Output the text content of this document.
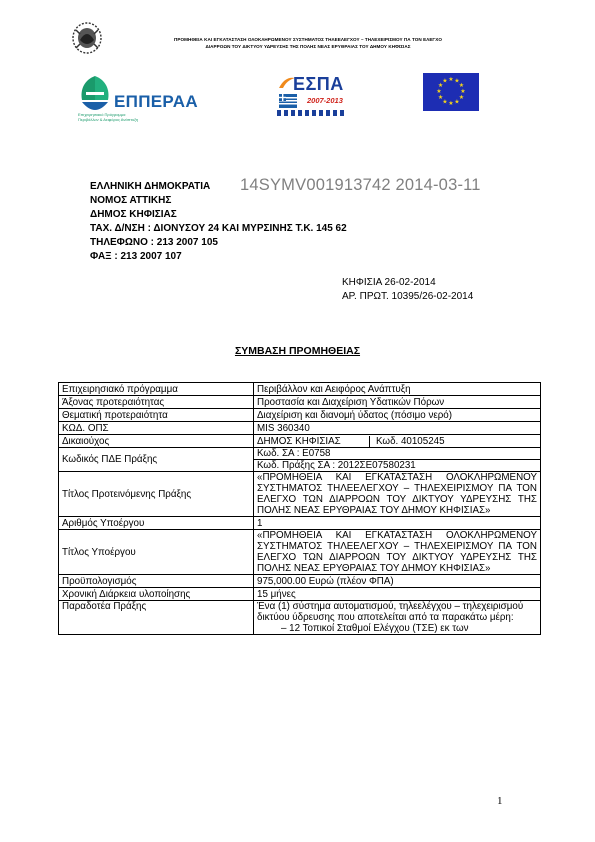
ΠΡΟΜΗΘΕΙΑ ΚΑΙ ΕΓΚΑΤΑΣΤΑΣΗ ΟΛΟΚΛΗΡΩΜΕΝΟΥ ΣΥΣΤΗΜΑΤΟΣ ΤΗΛΕΕΛΕΓΧΟΥ – ΤΗΛΕΧΕΙΡΙΣΜΟΥ ΠΑ ΤΟΝ ΕΛΕΓΧΟ
ΔΙΑΡΡΟΩΝ ΤΟΥ ΔΙΚΤΥΟΥ ΥΔΡΕΥΣΗΣ ΤΗΣ ΠΟΛΗΣ ΝΕΑΣ ΕΡΥΘΡΑΙΑΣ ΤΟΥ ΔΗΜΟΥ ΚΗΦΙΣΙΑΣ
ΕΠΠΕΡΑΑ
Επιχειρησιακό Πρόγραμμα
Περιβάλλον & Αειφόρος Ανάπτυξη
ΕΣΠΑ
2007-2013
★ ★
★
★
★
★
★
★
★
★
★
★
ΕΛΛΗΝΙΚΗ ΔΗΜΟΚΡΑΤΙΑ
ΝΟΜΟΣ ΑΤΤΙΚΗΣ
ΔΗΜΟΣ ΚΗΦΙΣΙΑΣ
ΤΑΧ. Δ/ΝΣΗ : ΔΙΟΝΥΣΟΥ 24 ΚΑΙ ΜΥΡΣΙΝΗΣ Τ.Κ. 145 62
ΤΗΛΕΦΩΝΟ : 213 2007 105
ΦΑΞ : 213 2007 107
14SYMV001913742 2014-03-11
ΚΗΦΙΣΙΑ 26-02-2014
ΑΡ. ΠΡΩΤ. 10395/26-02-2014
ΣΥΜΒΑΣΗ ΠΡΟΜΗΘΕΙΑΣ
Επιχειρησιακό πρόγραμμα	Περιβάλλον και Αειφόρος Ανάπτυξη
Άξονας προτεραιότητας	Προστασία και Διαχείριση Υδατικών Πόρων
Θεματική προτεραιότητα	Διαχείριση και διανομή ύδατος (πόσιμο νερό)
ΚΩΔ. ΟΠΣ	MIS 360340
Δικαιούχος	ΔΗΜΟΣ ΚΗΦΙΣΙΑΣ Κωδ. 40105245

Κωδικός ΠΔΕ Πράξης	Κωδ. ΣΑ : Ε0758
Κωδ. Πράξης ΣΑ : 2012ΣΕ07580231

Τίτλος Προτεινόμενης Πράξης	«ΠΡΟΜΗΘΕΙΑ ΚΑΙ ΕΓΚΑΤΑΣΤΑΣΗ ΟΛΟΚΛΗΡΩΜΕΝΟΥ ΣΥΣΤΗΜΑΤΟΣ ΤΗΛΕΕΛΕΓΧΟΥ – ΤΗΛΕΧΕΙΡΙΣΜΟΥ ΠΑ ΤΟΝ ΕΛΕΓΧΟ ΤΩΝ ΔΙΑΡΡΟΩΝ ΤΟΥ ΔΙΚΤΥΟΥ ΥΔΡΕΥΣΗΣ ΤΗΣ ΠΟΛΗΣ ΝΕΑΣ ΕΡΥΘΡΑΙΑΣ ΤΟΥ ΔΗΜΟΥ ΚΗΦΙΣΙΑΣ»
Αριθμός Υποέργου	1
Τίτλος Υποέργου	«ΠΡΟΜΗΘΕΙΑ ΚΑΙ ΕΓΚΑΤΑΣΤΑΣΗ ΟΛΟΚΛΗΡΩΜΕΝΟΥ ΣΥΣΤΗΜΑΤΟΣ ΤΗΛΕΕΛΕΓΧΟΥ – ΤΗΛΕΧΕΙΡΙΣΜΟΥ ΠΑ ΤΟΝ ΕΛΕΓΧΟ ΤΩΝ ΔΙΑΡΡΟΩΝ ΤΟΥ ΔΙΚΤΥΟΥ ΥΔΡΕΥΣΗΣ ΤΗΣ ΠΟΛΗΣ ΝΕΑΣ ΕΡΥΘΡΑΙΑΣ ΤΟΥ ΔΗΜΟΥ ΚΗΦΙΣΙΑΣ»
Προϋπολογισμός	975,000.00 Ευρώ (πλέον ΦΠΑ)
Χρονική Διάρκεια υλοποίησης	15 μήνες
Παραδοτέα Πράξης	Ένα (1) σύστημα αυτοματισμού, τηλεελέγχου – τηλεχειρισμού δικτύου ύδρευσης που αποτελείται από τα παρακάτω μέρη:
– 12 Τοπικοί Σταθμοί Ελέγχου (ΤΣΕ) εκ των
1
